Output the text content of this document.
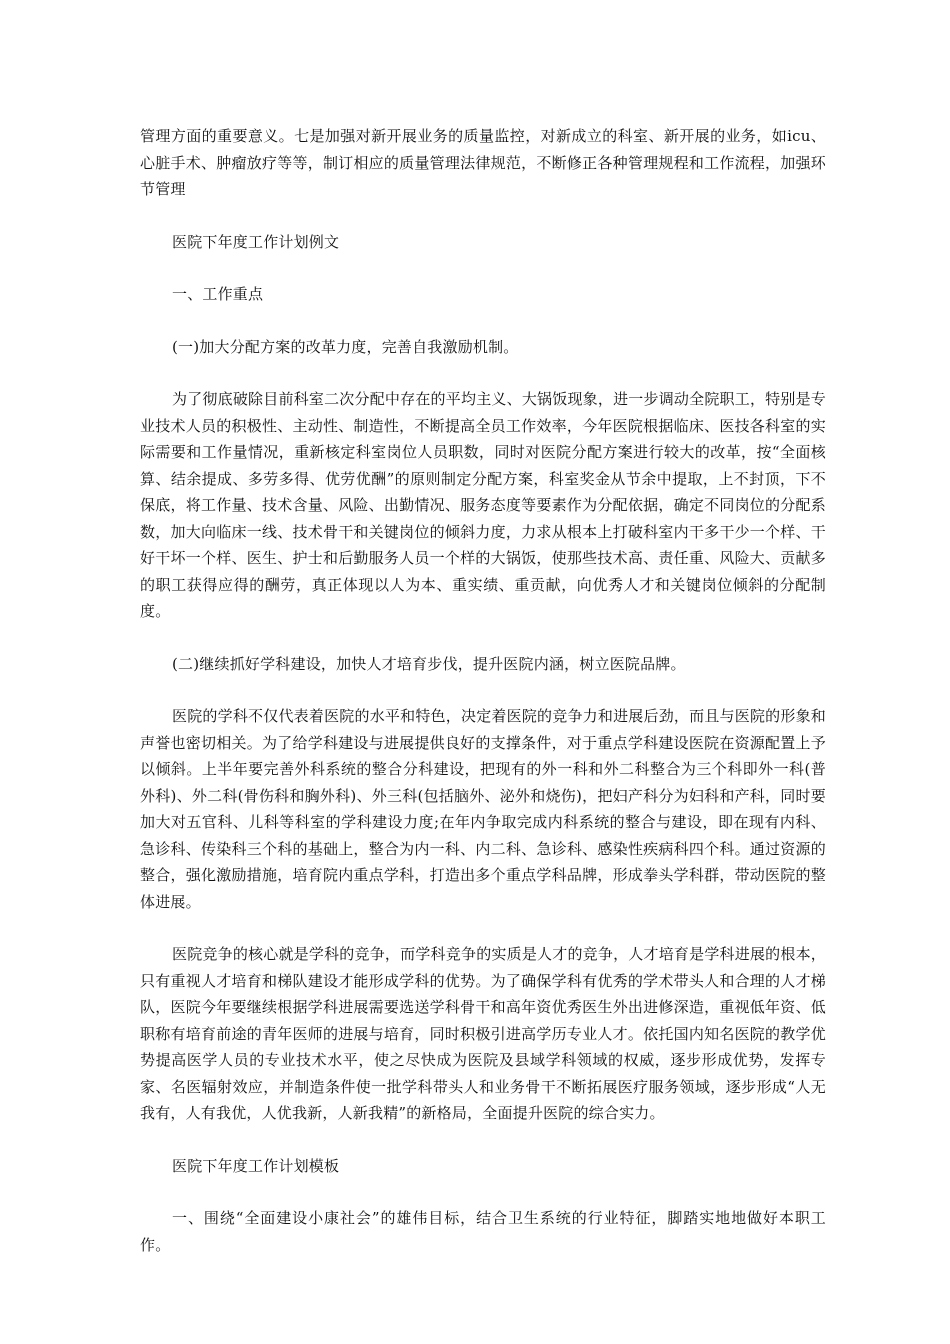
管理方面的重要意义。七是加强对新开展业务的质量监控，对新成立的科室、新开展的业务，如icu、心脏手术、肿瘤放疗等等，制订相应的质量管理法律规范，不断修正各种管理规程和工作流程，加强环节管理

医院下年度工作计划例文

一、工作重点

(一)加大分配方案的改革力度，完善自我激励机制。

为了彻底破除目前科室二次分配中存在的平均主义、大锅饭现象，进一步调动全院职工，特别是专业技术人员的积极性、主动性、制造性，不断提高全员工作效率，今年医院根据临床、医技各科室的实际需要和工作量情况，重新核定科室岗位人员职数，同时对医院分配方案进行较大的改革，按“全面核算、结余提成、多劳多得、优劳优酬”的原则制定分配方案，科室奖金从节余中提取，上不封顶，下不保底，将工作量、技术含量、风险、出勤情况、服务态度等要素作为分配依据，确定不同岗位的分配系数，加大向临床一线、技术骨干和关键岗位的倾斜力度，力求从根本上打破科室内干多干少一个样、干好干坏一个样、医生、护士和后勤服务人员一个样的大锅饭，使那些技术高、责任重、风险大、贡献多的职工获得应得的酬劳，真正体现以人为本、重实绩、重贡献，向优秀人才和关键岗位倾斜的分配制度。

(二)继续抓好学科建设，加快人才培育步伐，提升医院内涵，树立医院品牌。

医院的学科不仅代表着医院的水平和特色，决定着医院的竞争力和进展后劲，而且与医院的形象和声誉也密切相关。为了给学科建设与进展提供良好的支撑条件，对于重点学科建设医院在资源配置上予以倾斜。上半年要完善外科系统的整合分科建设，把现有的外一科和外二科整合为三个科即外一科(普外科)、外二科(骨伤科和胸外科)、外三科(包括脑外、泌外和烧伤)，把妇产科分为妇科和产科，同时要加大对五官科、儿科等科室的学科建设力度;在年内争取完成内科系统的整合与建设，即在现有内科、急诊科、传染科三个科的基础上，整合为内一科、内二科、急诊科、感染性疾病科四个科。通过资源的整合，强化激励措施，培育院内重点学科，打造出多个重点学科品牌，形成拳头学科群，带动医院的整体进展。

医院竞争的核心就是学科的竞争，而学科竞争的实质是人才的竞争，人才培育是学科进展的根本，只有重视人才培育和梯队建设才能形成学科的优势。为了确保学科有优秀的学术带头人和合理的人才梯队，医院今年要继续根据学科进展需要选送学科骨干和高年资优秀医生外出进修深造，重视低年资、低职称有培育前途的青年医师的进展与培育，同时积极引进高学历专业人才。依托国内知名医院的教学优势提高医学人员的专业技术水平，使之尽快成为医院及县域学科领域的权威，逐步形成优势，发挥专家、名医辐射效应，并制造条件使一批学科带头人和业务骨干不断拓展医疗服务领域，逐步形成“人无我有，人有我优，人优我新，人新我精”的新格局，全面提升医院的综合实力。

医院下年度工作计划模板

一、围绕“全面建设小康社会”的雄伟目标，结合卫生系统的行业特征，脚踏实地地做好本职工作。
